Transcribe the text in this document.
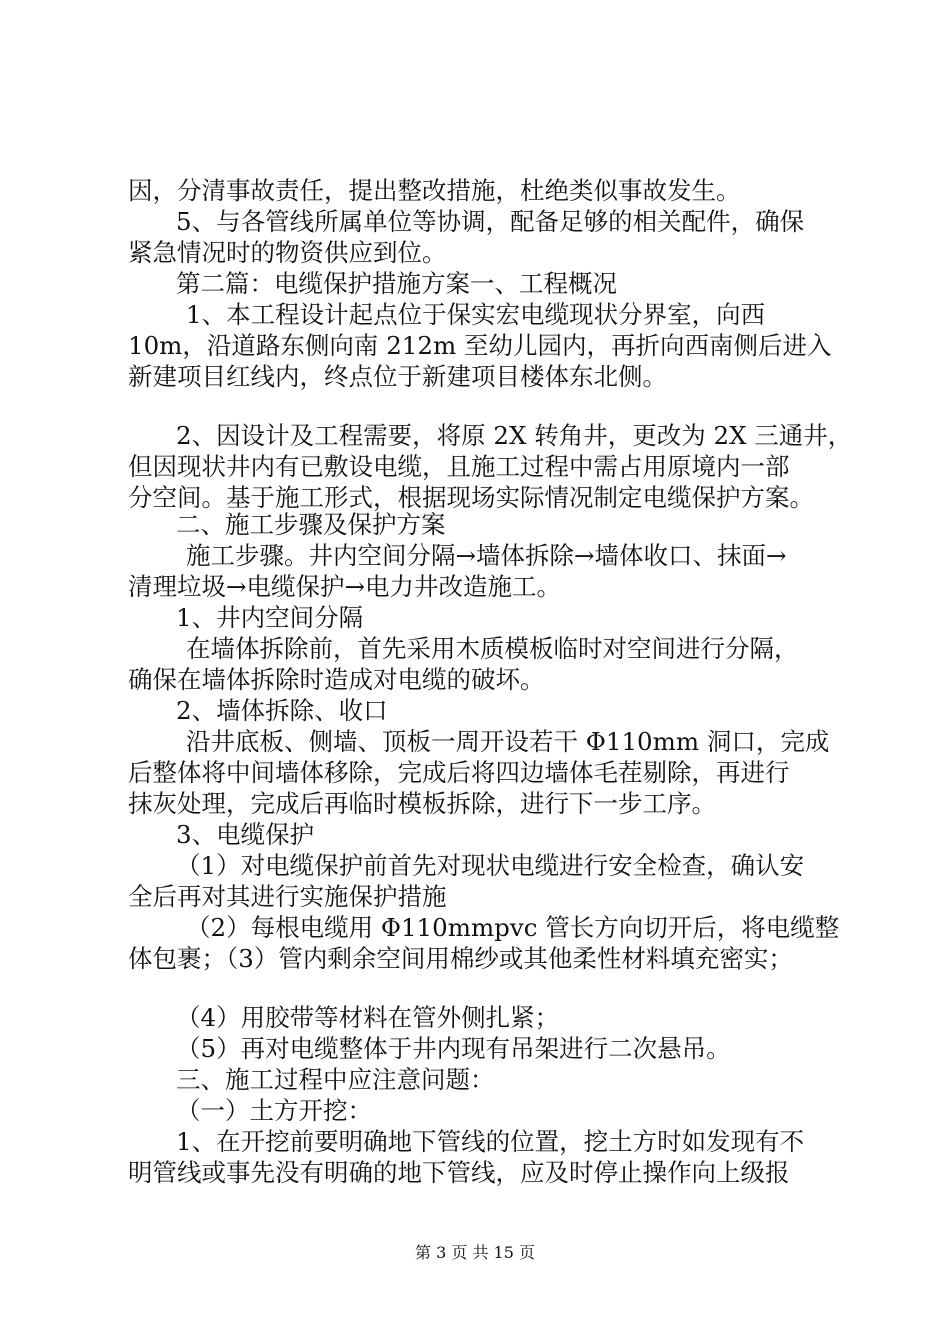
因，分清事故责任，提出整改措施，杜绝类似事故发生。
5、与各管线所属单位等协调，配备足够的相关配件，确保
紧急情况时的物资供应到位。
第二篇：电缆保护措施方案一、工程概况
1、本工程设计起点位于保实宏电缆现状分界室，向西
10m，沿道路东侧向南 212m 至幼儿园内，再折向西南侧后进入
新建项目红线内，终点位于新建项目楼体东北侧。
2、因设计及工程需要，将原 2X 转角井，更改为 2X 三通井，
但因现状井内有已敷设电缆，且施工过程中需占用原境内一部
分空间。基于施工形式，根据现场实际情况制定电缆保护方案。
二、施工步骤及保护方案
施工步骤。井内空间分隔→墙体拆除→墙体收口、抹面→
清理垃圾→电缆保护→电力井改造施工。
1、井内空间分隔
在墙体拆除前，首先采用木质模板临时对空间进行分隔，
确保在墙体拆除时造成对电缆的破坏。
2、墙体拆除、收口
沿井底板、侧墙、顶板一周开设若干 Φ110mm 洞口，完成
后整体将中间墙体移除，完成后将四边墙体毛茬剔除，再进行
抹灰处理，完成后再临时模板拆除，进行下一步工序。
3、电缆保护
（1）对电缆保护前首先对现状电缆进行安全检查，确认安
全后再对其进行实施保护措施
（2）每根电缆用 Φ110mmpvc 管长方向切开后，将电缆整
体包裹；（3）管内剩余空间用棉纱或其他柔性材料填充密实；
（4）用胶带等材料在管外侧扎紧；
（5）再对电缆整体于井内现有吊架进行二次悬吊。
三、施工过程中应注意问题：
（一）土方开挖：
1、在开挖前要明确地下管线的位置，挖土方时如发现有不
明管线或事先没有明确的地下管线，应及时停止操作向上级报
第 3 页 共 15 页
